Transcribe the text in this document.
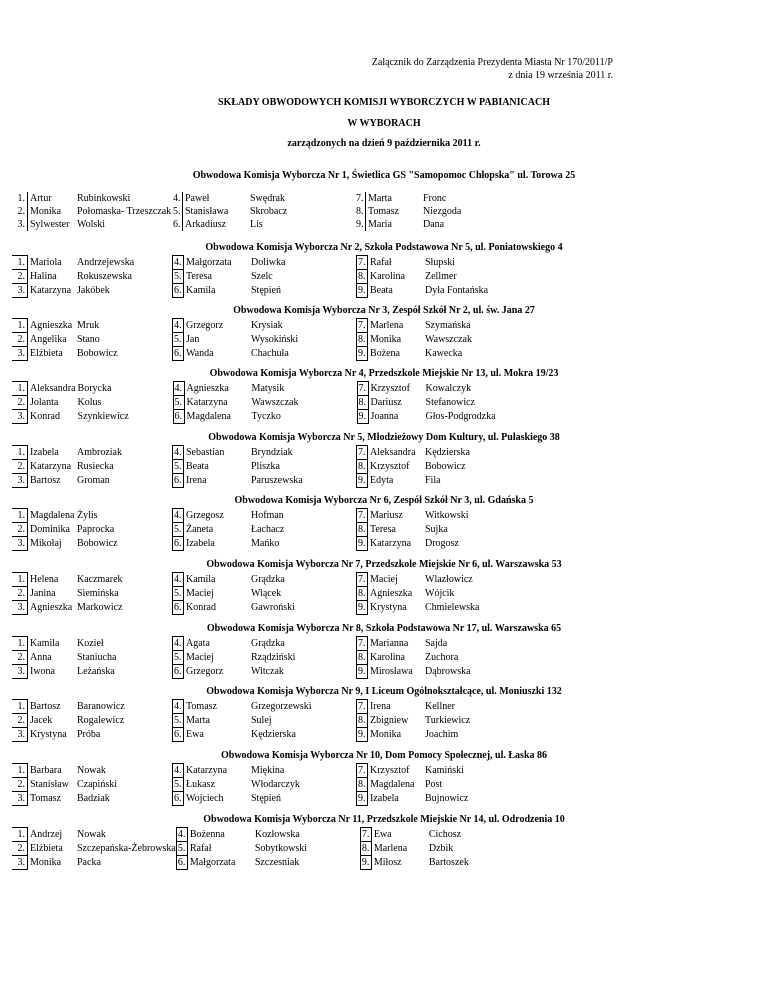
Załącznik do Zarządzenia Prezydenta Miasta Nr 170/2011/P
z dnia 19 września 2011 r.
SKŁADY OBWODOWYCH KOMISJI WYBORCZYCH W PABIANICACH
W WYBORACH
zarządzonych na dzień 9 października 2011 r.
Obwodowa Komisja Wyborcza Nr 1, Świetlica GS "Samopomoc Chłopska" ul. Torowa 25
1.	Artur	Rubinkowski	4.	Paweł	Swędrak	7.	Marta	Fronc
2.	Monika	Połomaska- Trzeszczak	5.	Stanisława	Skrobacz	8.	Tomasz	Niezgoda
3.	Sylwester	Wolski	6.	Arkadiusz	Lis	9.	Maria	Dana
Obwodowa Komisja Wyborcza Nr 2, Szkoła Podstawowa Nr 5, ul. Poniatowskiego 4
1.	Mariola	Andrzejewska	4.	Małgorzata	Doliwka	7.	Rafał	Słupski
2.	Halina	Rokuszewska	5.	Teresa	Szelc	8.	Karolina	Zellmer
3.	Katarzyna	Jakóbek	6.	Kamila	Stępień	9.	Beata	Dyła Fontańska
Obwodowa Komisja Wyborcza Nr 3, Zespół Szkół Nr 2, ul. św. Jana 27
1.	Agnieszka	Mruk	4.	Grzegorz	Krysiak	7.	Marlena	Szymańska
2.	Angelika	Stano	5.	Jan	Wysokiński	8.	Monika	Wawszczak
3.	Elżbieta	Bobowicz	6.	Wanda	Chachuła	9.	Bożena	Kawecka
Obwodowa Komisja Wyborcza Nr 4, Przedszkole Miejskie Nr 13, ul. Mokra 19/23
1.	Aleksandra	Borycka	4.	Agnieszka	Matysik	7.	Krzysztof	Kowalczyk
2.	Jolanta	Kolus	5.	Katarzyna	Wawszczak	8.	Dariusz	Stefanowicz
3.	Konrad	Szynkiewicz	6.	Magdalena	Tyczko	9.	Joanna	Głos-Podgrodzka
Obwodowa Komisja Wyborcza Nr 5, Młodzieżowy Dom Kultury, ul. Pułaskiego 38
1.	Izabela	Ambroziak	4.	Sebastian	Bryndziak	7.	Aleksandra	Kędzierska
2.	Katarzyna	Rusiecka	5.	Beata	Pliszka	8.	Krzysztof	Bobowicz
3.	Bartosz	Groman	6.	Irena	Paruszewska	9.	Edyta	Fila
Obwodowa Komisja Wyborcza Nr 6, Zespół Szkół Nr 3, ul. Gdańska 5
1.	Magdalena	Żylis	4.	Grzegosz	Hofman	7.	Mariusz	Witkowski
2.	Dominika	Paprocka	5.	Żaneta	Łachacz	8.	Teresa	Sujka
3.	Mikołaj	Bobowicz	6.	Izabela	Mańko	9.	Katarzyna	Drogosz
Obwodowa Komisja Wyborcza Nr 7, Przedszkole Miejskie Nr 6, ul. Warszawska 53
1.	Helena	Kaczmarek	4.	Kamila	Grądzka	7.	Maciej	Wlazłowicz
2.	Janina	Siemińska	5.	Maciej	Wiącek	8.	Agnieszka	Wójcik
3.	Agnieszka	Markowicz	6.	Konrad	Gawroński	9.	Krystyna	Chmielewska
Obwodowa Komisja Wyborcza Nr 8, Szkoła Podstawowa Nr 17, ul. Warszawska 65
1.	Kamila	Kozieł	4.	Agata	Grądzka	7.	Marianna	Sajda
2.	Anna	Staniucha	5.	Maciej	Rządziński	8.	Karolina	Zuchora
3.	Iwona	Leżańska	6.	Grzegorz	Witczak	9.	Mirosława	Dąbrowska
Obwodowa Komisja Wyborcza Nr 9, I Liceum Ogólnokształcące, ul. Moniuszki 132
1.	Bartosz	Baranowicz	4.	Tomasz	Grzegorzewski	7.	Irena	Kellner
2.	Jacek	Rogalewicz	5.	Marta	Sulej	8.	Zbigniew	Turkiewicz
3.	Krystyna	Próba	6.	Ewa	Kędzierska	9.	Monika	Joachim
Obwodowa Komisja Wyborcza Nr 10, Dom Pomocy Społecznej, ul. Łaska 86
1.	Barbara	Nowak	4.	Katarzyna	Miękina	7.	Krzysztof	Kamiński
2.	Stanisław	Czapiński	5.	Łukasz	Włodarczyk	8.	Magdalena	Post
3.	Tomasz	Badziak	6.	Wojciech	Stępień	9.	Izabela	Bujnowicz
Obwodowa Komisja Wyborcza Nr 11, Przedszkole Miejskie Nr 14, ul. Odrodzenia 10
1.	Andrzej	Nowak	4.	Bożenna	Kozłowska	7.	Ewa	Cichosz
2.	Elżbieta	Szczepańska-Żebrowska	5.	Rafał	Sobytkowski	8.	Marlena	Dzbik
3.	Monika	Packa	6.	Małgorzata	Szczesniak	9.	Miłosz	Bartoszek
